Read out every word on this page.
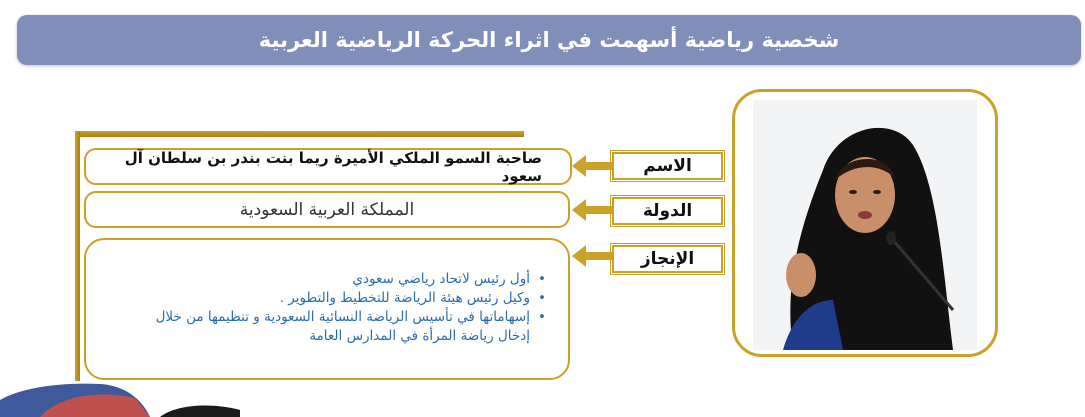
شخصية رياضية أسهمت في اثراء الحركة الرياضية العربية
صاحبة السمو الملكي الأميرة ريما بنت بندر بن سلطان آل سعود	الاسم
المملكة العربية السعودية	الدولة
•
أول رئيس لاتحاد رياضي سعودي
•
وكيل رئيس هيئة الرياضة للتخطيط والتطوير .
•
إسهاماتها في تأسيس الرياضة النسائية السعودية و تنظيمها من خلال
إدخال رياضة المرأة في المدارس العامة
الإنجاز
